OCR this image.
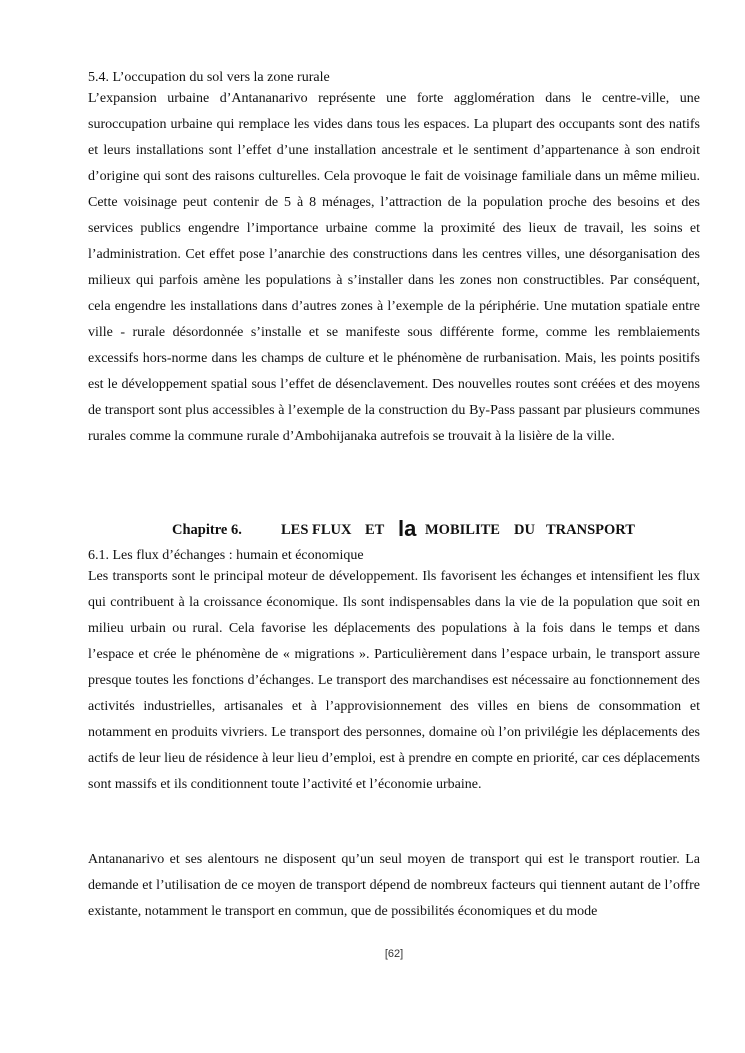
5.4. L’occupation du sol vers la zone rurale
L’expansion urbaine d’Antananarivo représente une forte agglomération dans le centre-ville, une suroccupation urbaine qui remplace les vides dans tous les espaces. La plupart des occupants sont des natifs et leurs installations sont l’effet d’une installation ancestrale et le sentiment d’appartenance à son endroit d’origine qui sont des raisons culturelles. Cela provoque le fait de voisinage familiale dans un même milieu. Cette voisinage peut contenir de 5 à 8 ménages, l’attraction de la population proche des besoins et des services publics engendre l’importance urbaine comme la proximité des lieux de travail, les soins et l’administration. Cet effet pose l’anarchie des constructions dans les centres villes, une désorganisation des milieux qui parfois amène les populations à s’installer dans les zones non constructibles. Par conséquent, cela engendre les installations dans d’autres zones à l’exemple de la périphérie. Une mutation spatiale entre ville - rurale désordonnée s’installe et se manifeste sous différente forme, comme les remblaiements excessifs hors-norme dans les champs de culture et le phénomène de rurbanisation. Mais, les points positifs est le développement spatial sous l’effet de désenclavement. Des nouvelles routes sont créées et des moyens de transport sont plus accessibles à l’exemple de la construction du By-Pass passant par plusieurs communes rurales comme la commune rurale d’Ambohijanaka autrefois se trouvait à la lisière de la ville.
Chapitre 6.	LES FLUX ET la MOBILITE DU TRANSPORT
6.1. Les flux d’échanges : humain et économique
Les transports sont le principal moteur de développement. Ils favorisent les échanges et intensifient les flux qui contribuent à la croissance économique. Ils sont indispensables dans la vie de la population que soit en milieu urbain ou rural. Cela favorise les déplacements des populations à la fois dans le temps et dans l’espace et crée le phénomène de « migrations ». Particulièrement dans l’espace urbain, le transport assure presque toutes les fonctions d’échanges. Le transport des marchandises est nécessaire au fonctionnement des activités industrielles, artisanales et à l’approvisionnement des villes en biens de consommation et notamment en produits vivriers. Le transport des personnes, domaine où l’on privilégie les déplacements des actifs de leur lieu de résidence à leur lieu d’emploi, est à prendre en compte en priorité, car ces déplacements sont massifs et ils conditionnent toute l’activité et l’économie urbaine.
Antananarivo et ses alentours ne disposent qu’un seul moyen de transport qui est le transport routier. La demande et l’utilisation de ce moyen de transport dépend de nombreux facteurs qui tiennent autant de l’offre existante, notamment le transport en commun, que de possibilités économiques et du mode
[62]
